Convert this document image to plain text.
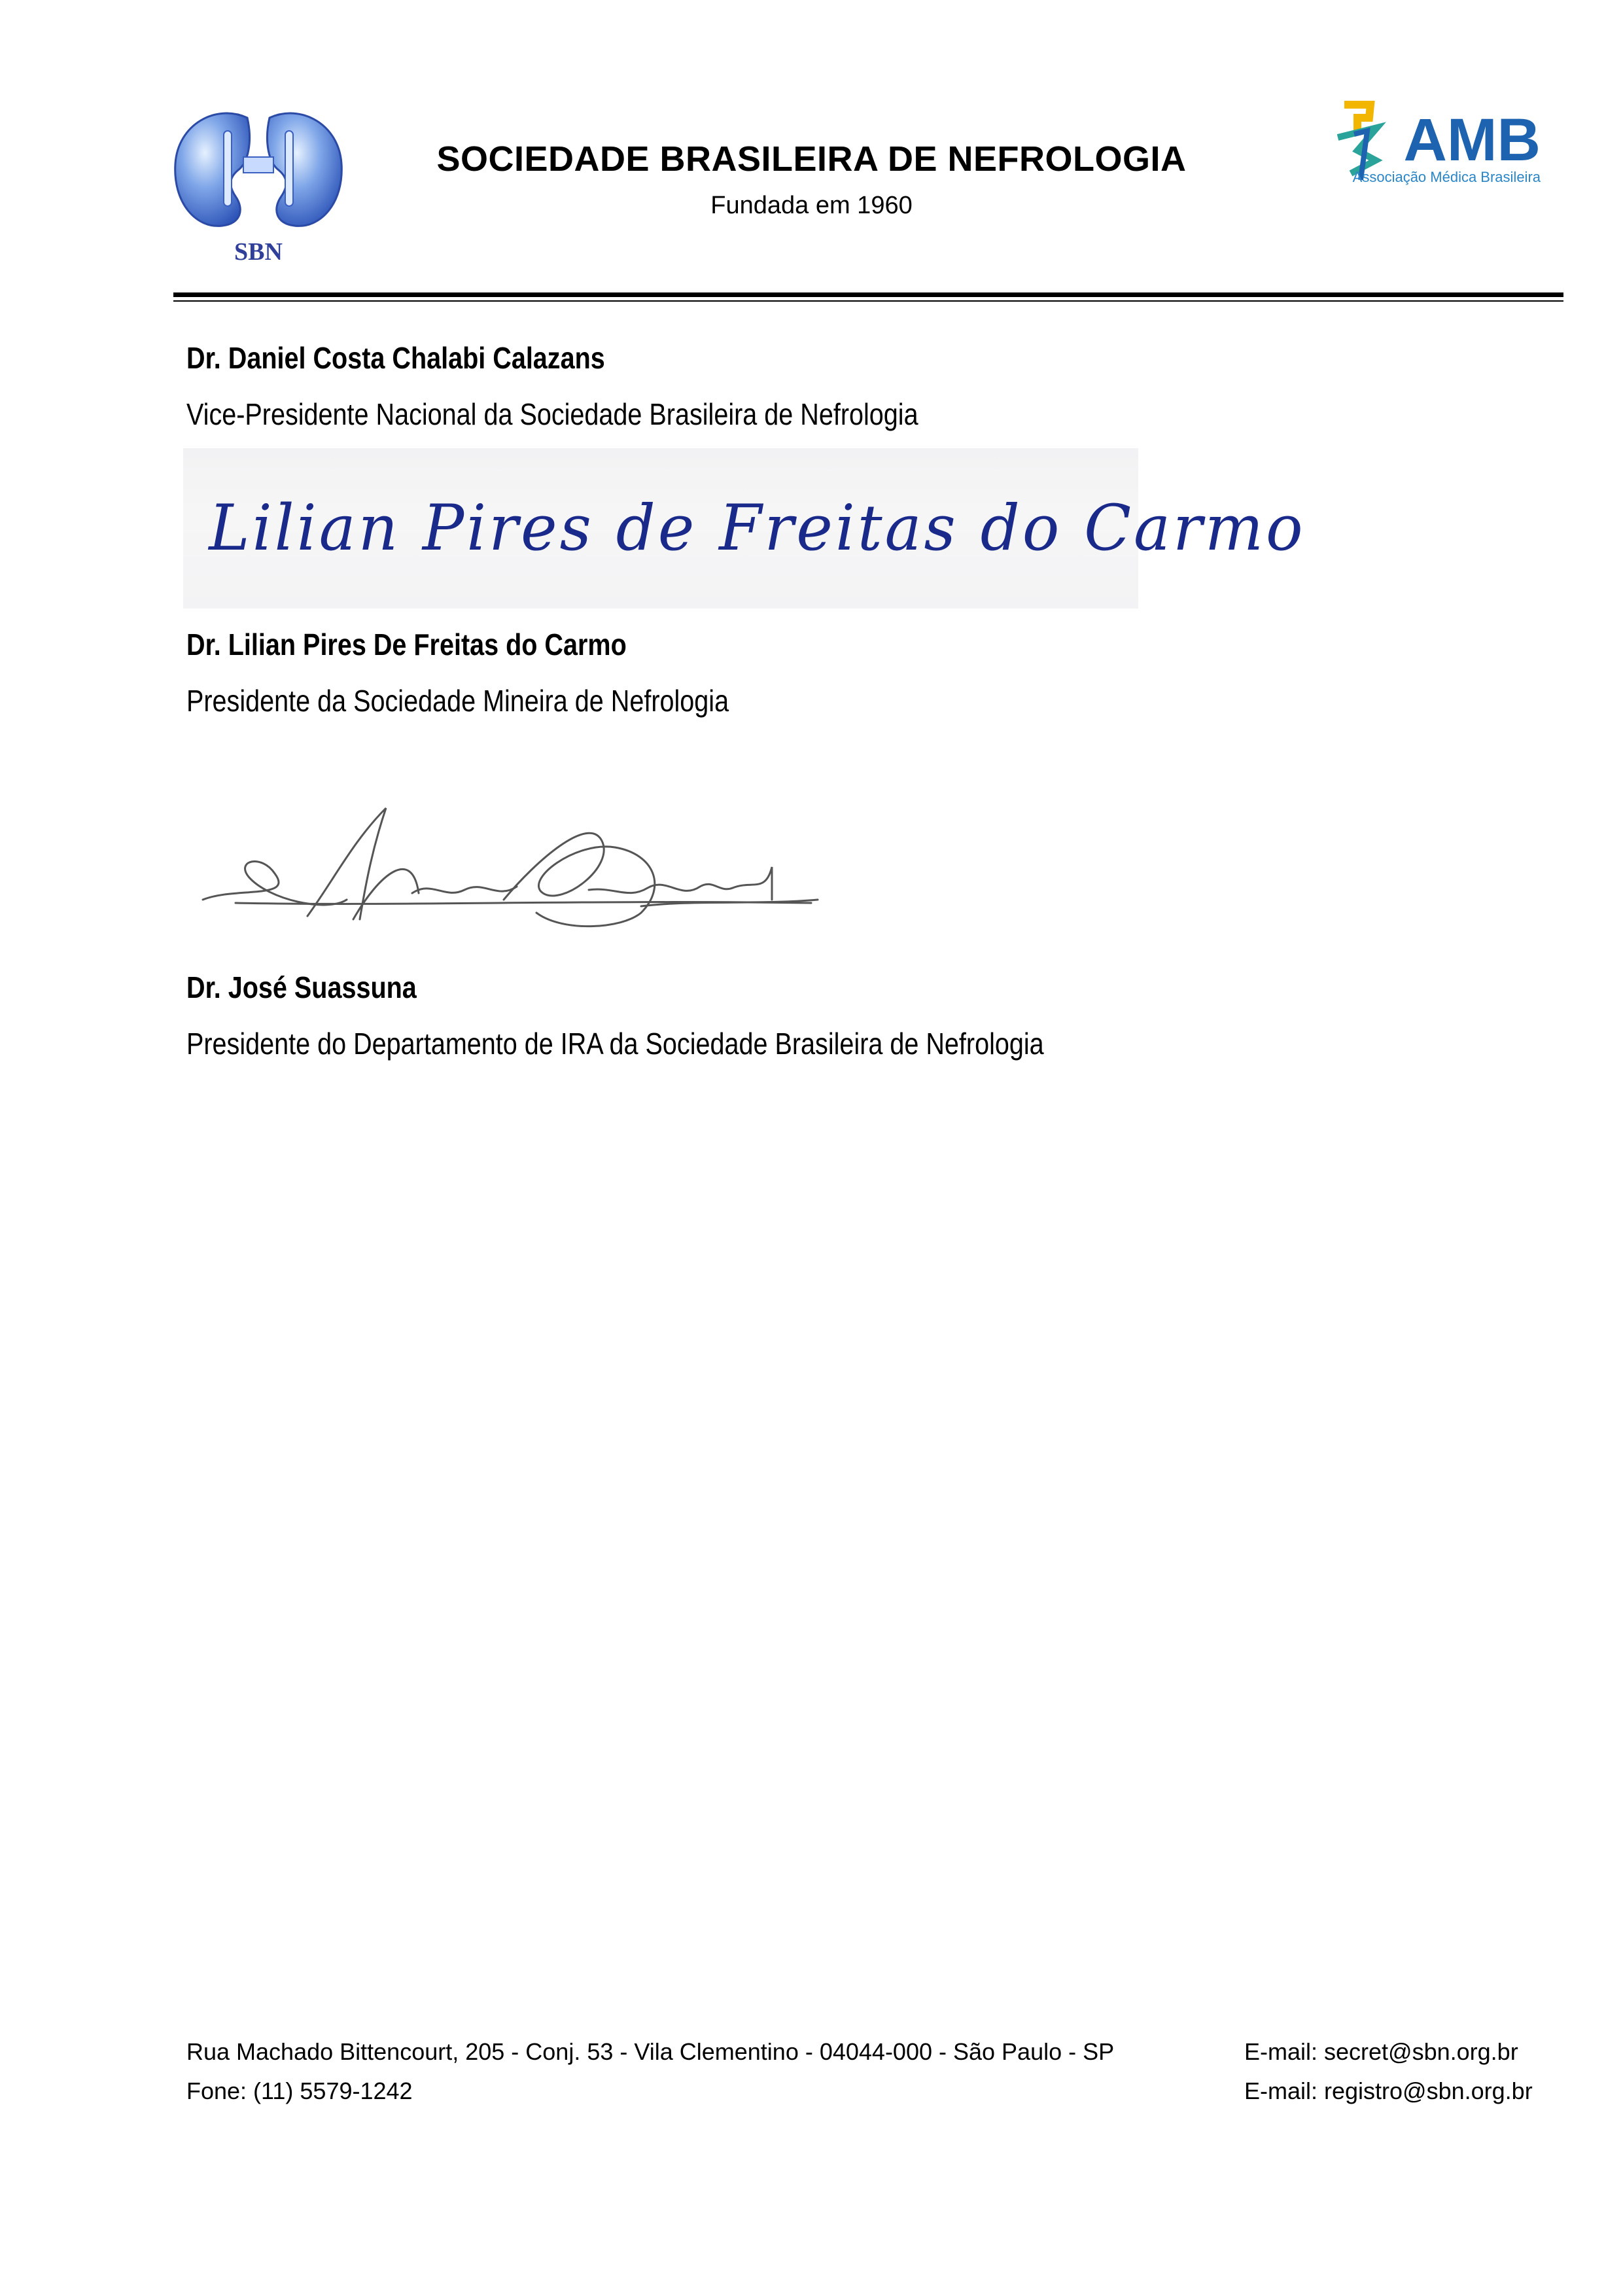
SBN
SOCIEDADE BRASILEIRA DE NEFROLOGIA
Fundada em 1960
AMB
Associação Médica Brasileira
Dr. Daniel Costa Chalabi Calazans
Vice-Presidente Nacional da Sociedade Brasileira de Nefrologia
Lilian Pires de Freitas do Carmo
Dr. Lilian Pires De Freitas do Carmo
Presidente da Sociedade Mineira de Nefrologia
Dr. José Suassuna
Presidente do Departamento de IRA da Sociedade Brasileira de Nefrologia
Rua Machado Bittencourt, 205 - Conj. 53 - Vila Clementino - 04044-000 - São Paulo - SP
Fone: (11) 5579-1242
E-mail: secret@sbn.org.br
E-mail: registro@sbn.org.br
